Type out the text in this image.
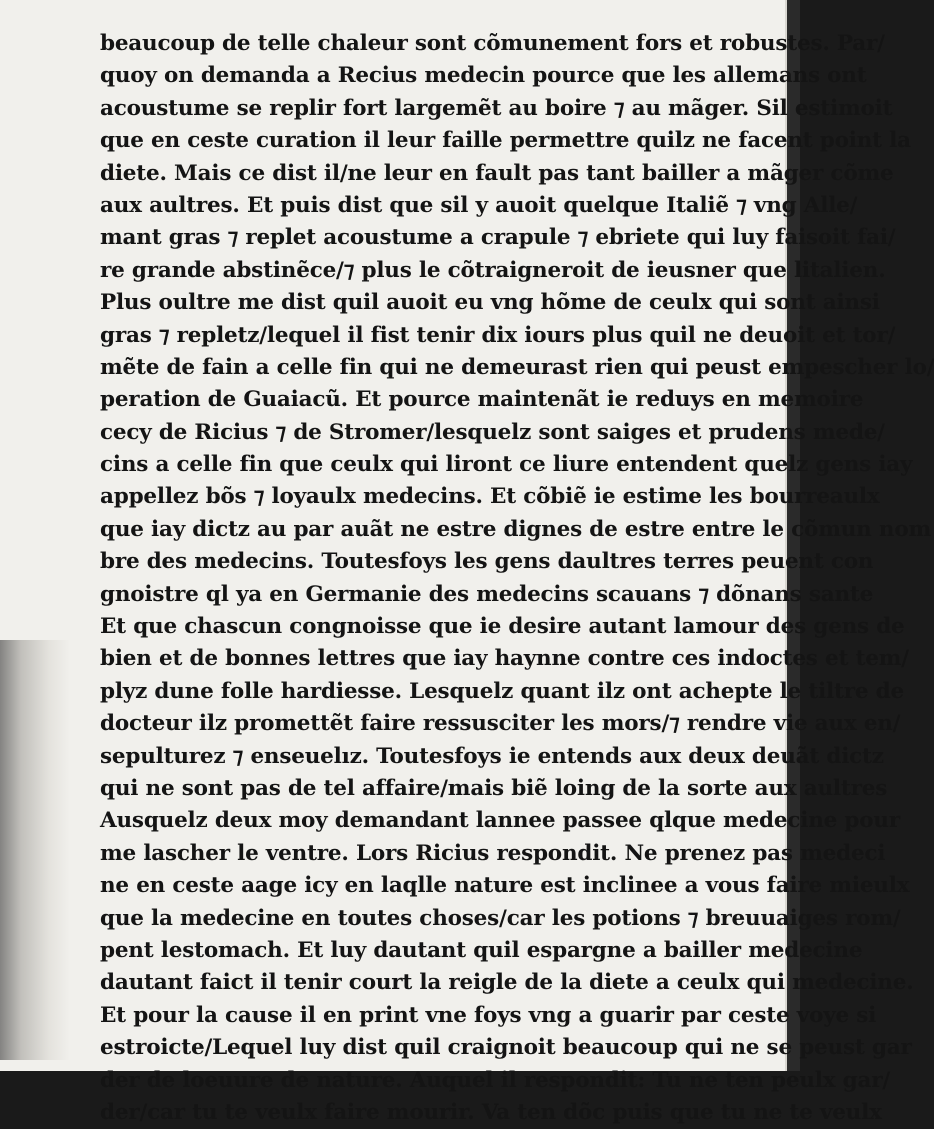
beaucoup de telle chaleur sont cõmunement fors et robustes. Par/
quoy on demanda a Recius medecin pource que les allemans ont
acoustume se replir fort largemẽt au boire ⁊ au mãger. Sil estimoit
que en ceste curation il leur faille permettre quilz ne facent point la
diete. Mais ce dist il/ne leur en fault pas tant bailler a mãger cõme
aux aultres. Et puis dist que sil y auoit quelque Italiẽ ⁊ vng Alle/
mant gras ⁊ replet acoustume a crapule ⁊ ebriete qui luy faisoit fai/
re grande abstinẽce/⁊ plus le cõtraigneroit de ieusner que litalien.
Plus oultre me dist quil auoit eu vng hõme de ceulx qui sont ainsi
gras ⁊ repletz/lequel il fist tenir dix iours plus quil ne deuoit et tor/
mẽte de fain a celle fin qui ne demeurast rien qui peust empescher lo/
peration de Guaiacũ. Et pource maintenãt ie reduys en memoire
cecy de Ricius ⁊ de Stromer/lesquelz sont saiges et prudens mede/
cins a celle fin que ceulx qui liront ce liure entendent quelz gens iay
appellez bõs ⁊ loyaulx medecins. Et cõbiẽ ie estime les bourreaulx
que iay dictz au par auãt ne estre dignes de estre entre le cõmun nom
bre des medecins. Toutesfoys les gens daultres terres peuent con
gnoistre ql ya en Germanie des medecins scauans ⁊ dõnans sante
Et que chascun congnoisse que ie desire autant lamour des gens de
bien et de bonnes lettres que iay haynne contre ces indoctes et tem/
plyz dune folle hardiesse. Lesquelz quant ilz ont achepte le tiltre de
docteur ilz promettẽt faire ressusciter les mors/⁊ rendre vie aux en/
sepulturez ⁊ enseuelız. Toutesfoys ie entends aux deux deuãt dictz
qui ne sont pas de tel affaire/mais biẽ loing de la sorte aux aultres
Ausquelz deux moy demandant lannee passee qlque medecine pour
me lascher le ventre. Lors Ricius respondit. Ne prenez pas medeci
ne en ceste aage icy en laqlle nature est inclinee a vous faire mieulx
que la medecine en toutes choses/car les potions ⁊ breuuaiges rom/
pent lestomach. Et luy dautant quil espargne a bailler medecine
dautant faict il tenir court la reigle de la diete a ceulx qui medecine.
Et pour la cause il en print vne foys vng a guarir par ceste voye si
estroicte/Lequel luy dist quil craignoit beaucoup qui ne se peust gar
der de loeuure de nature. Auquel il respondit: Tu ne ten peulx gar/
der/car tu te veulx faire mourir. Va ten dõc puis que tu ne te veulx
